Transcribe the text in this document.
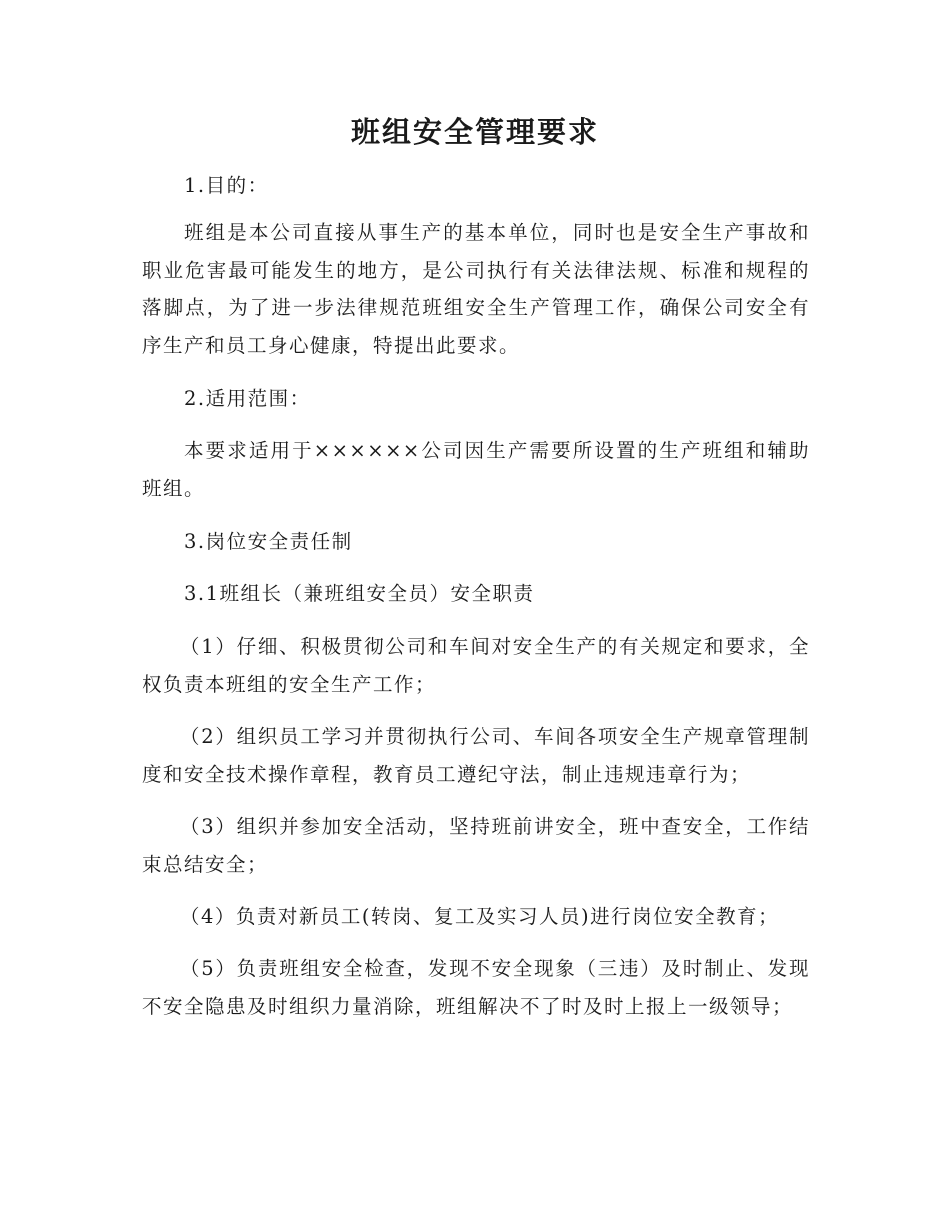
班组安全管理要求

1.目的：

班组是本公司直接从事生产的基本单位，同时也是安全生产事故和职业危害最可能发生的地方，是公司执行有关法律法规、标准和规程的落脚点，为了进一步法律规范班组安全生产管理工作，确保公司安全有序生产和员工身心健康，特提出此要求。

2.适用范围：

本要求适用于××××××公司因生产需要所设置的生产班组和辅助班组。

3.岗位安全责任制

3.1班组长（兼班组安全员）安全职责

（1）仔细、积极贯彻公司和车间对安全生产的有关规定和要求，全权负责本班组的安全生产工作；

（2）组织员工学习并贯彻执行公司、车间各项安全生产规章管理制度和安全技术操作章程，教育员工遵纪守法，制止违规违章行为；

（3）组织并参加安全活动，坚持班前讲安全，班中查安全，工作结束总结安全；

（4）负责对新员工(转岗、复工及实习人员)进行岗位安全教育；

（5）负责班组安全检查，发现不安全现象（三违）及时制止、发现不安全隐患及时组织力量消除，班组解决不了时及时上报上一级领导；
